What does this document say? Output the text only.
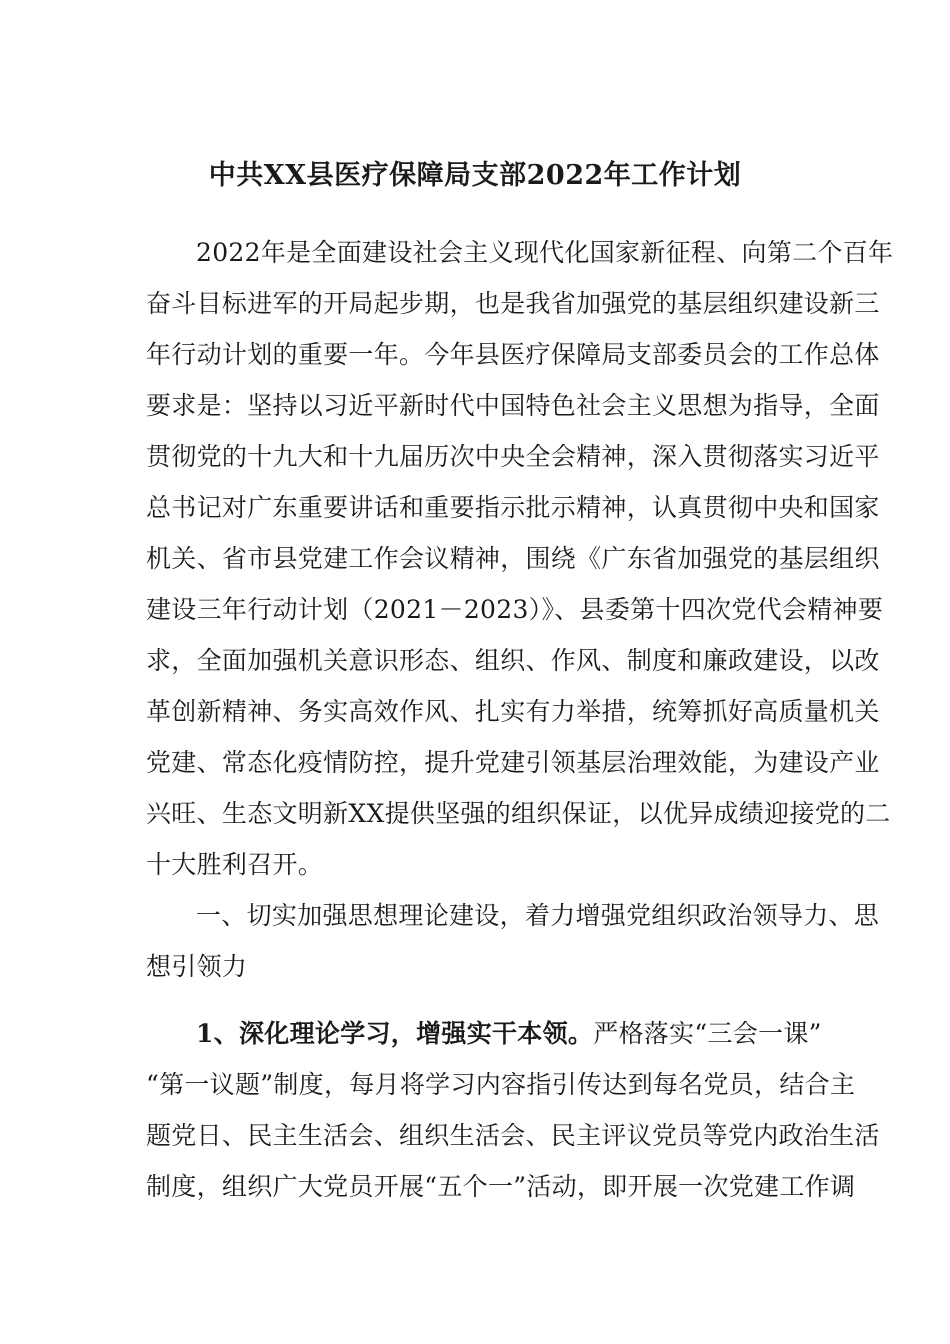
中共XX县医疗保障局支部2022年工作计划
2022年是全面建设社会主义现代化国家新征程、向第二个百年
奋斗目标进军的开局起步期，也是我省加强党的基层组织建设新三
年行动计划的重要一年。今年县医疗保障局支部委员会的工作总体
要求是：坚持以习近平新时代中国特色社会主义思想为指导，全面
贯彻党的十九大和十九届历次中央全会精神，深入贯彻落实习近平
总书记对广东重要讲话和重要指示批示精神，认真贯彻中央和国家
机关、省市县党建工作会议精神，围绕《广东省加强党的基层组织
建设三年行动计划（2021－2023）》、县委第十四次党代会精神要
求，全面加强机关意识形态、组织、作风、制度和廉政建设，以改
革创新精神、务实高效作风、扎实有力举措，统筹抓好高质量机关
党建、常态化疫情防控，提升党建引领基层治理效能，为建设产业
兴旺、生态文明新XX提供坚强的组织保证，以优异成绩迎接党的二
十大胜利召开。
一、切实加强思想理论建设，着力增强党组织政治领导力、思
想引领力
1、深化理论学习，增强实干本领。严格落实“三会一课”
“第一议题”制度，每月将学习内容指引传达到每名党员，结合主
题党日、民主生活会、组织生活会、民主评议党员等党内政治生活
制度，组织广大党员开展“五个一”活动，即开展一次党建工作调
